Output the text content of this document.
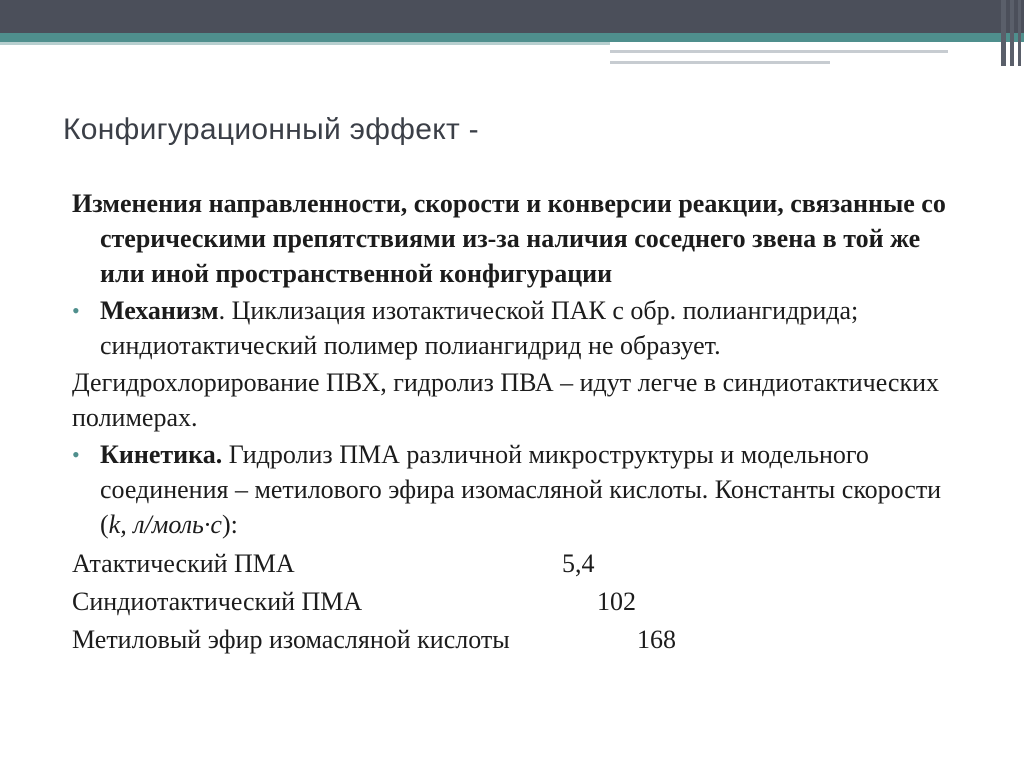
Конфигурационный эффект -
Изменения направленности, скорости и конверсии реакции, связанные со стерическими препятствиями из-за наличия соседнего звена в той же или иной пространственной конфигурации
• Механизм. Циклизация изотактической ПАК с обр. полиангидрида; синдиотактический полимер полиангидрид не образует.
Дегидрохлорирование ПВХ, гидролиз ПВА – идут легче в синдиотактических полимерах.
• Кинетика. Гидролиз ПМА различной микроструктуры и модельного соединения – метилового эфира изомасляной кислоты. Константы скорости (k, л/моль·с):
Атактический ПМА	5,4
Синдиотактический ПМА	102
Метиловый эфир изомасляной кислоты	168
